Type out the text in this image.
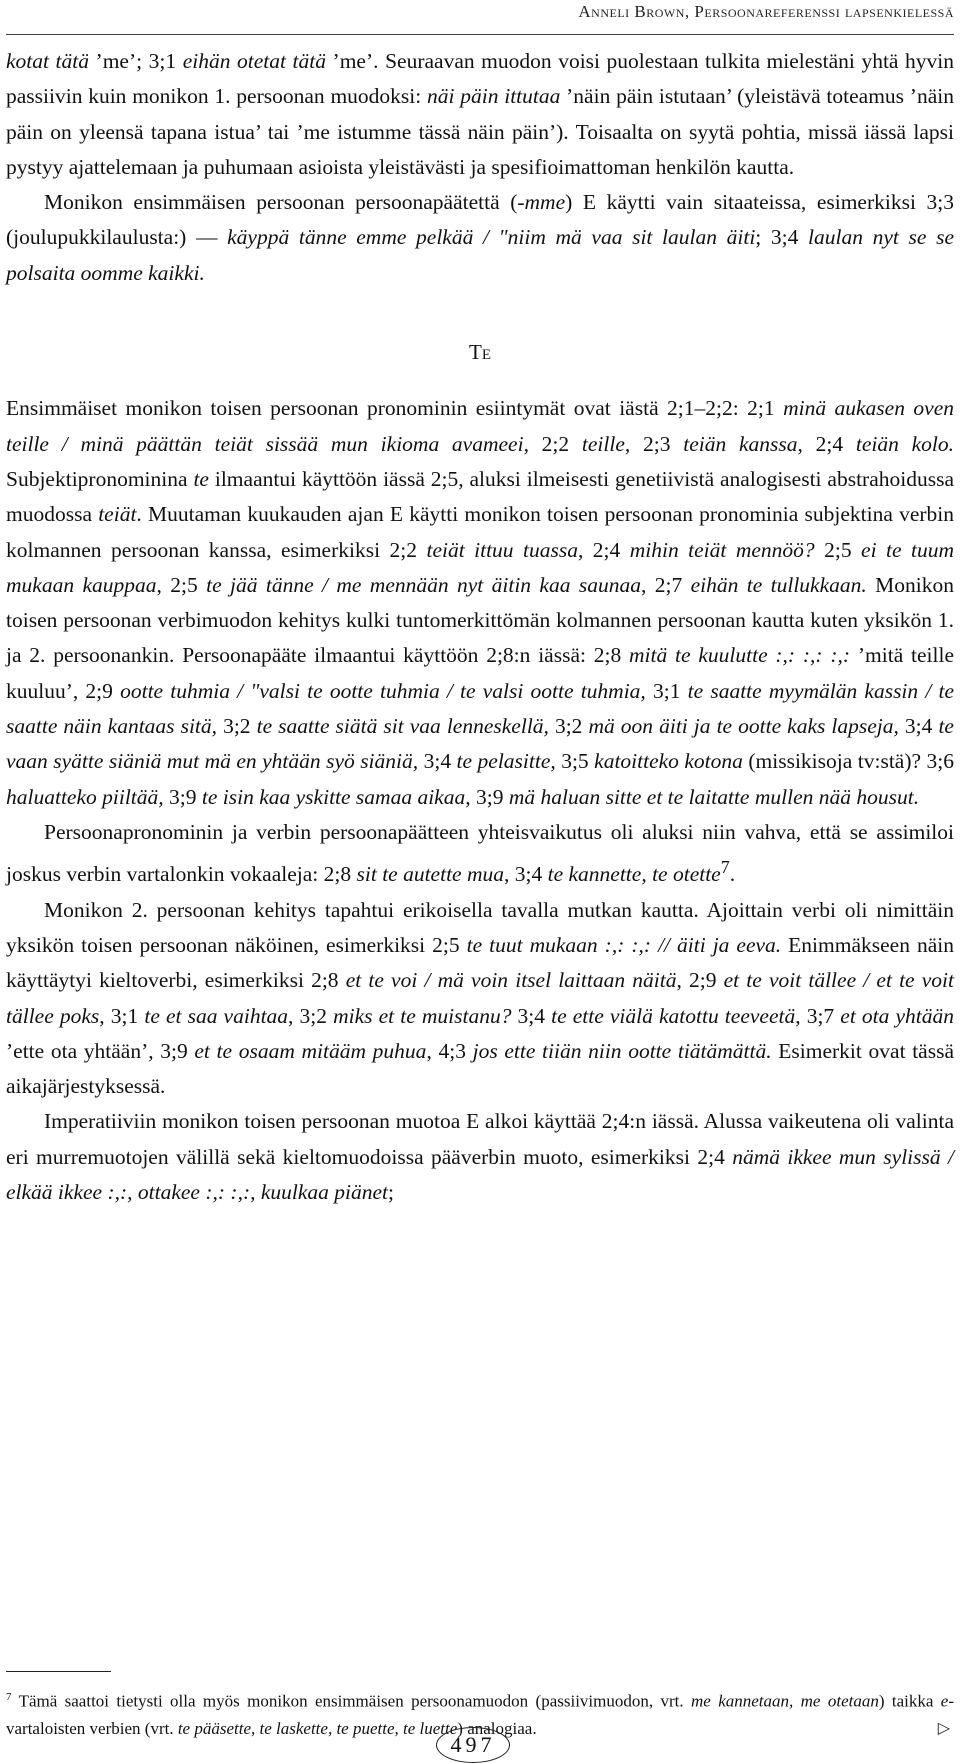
Anneli Brown, Persoonareferenssi lapsenkielessä

kotat tätä ’me’; 3;1 eihän otetat tätä ’me’. Seuraavan muodon voisi puolestaan tulkita mielestäni yhtä hyvin passiivin kuin monikon 1. persoonan muodoksi: näi päin ittutaa ’näin päin istutaan’ (yleistävä toteamus ’näin päin on yleensä tapana istua’ tai ’me istumme tässä näin päin’). Toisaalta on syytä pohtia, missä iässä lapsi pystyy ajattelemaan ja puhumaan asioista yleistävästi ja spesifioimattoman henkilön kautta.

Monikon ensimmäisen persoonan persoonapäätettä (-mme) E käytti vain sitaateissa, esimerkiksi 3;3 (joulupukkilaulusta:) — käyppä tänne emme pelkää / "niim mä vaa sit laulan äiti; 3;4 laulan nyt se se polsaita oomme kaikki.

Te

Ensimmäiset monikon toisen persoonan pronominin esiintymät ovat iästä 2;1–2;2: 2;1 minä aukasen oven teille / minä päättän teiät sissää mun ikioma avameei, 2;2 teille, 2;3 teiän kanssa, 2;4 teiän kolo. Subjektipronominina te ilmaantui käyttöön iässä 2;5, aluksi ilmeisesti genetiivistä analogisesti abstrahoidussa muodossa teiät. Muutaman kuukauden ajan E käytti monikon toisen persoonan pronominia subjektina verbin kolmannen persoonan kanssa, esimerkiksi 2;2 teiät ittuu tuassa, 2;4 mihin teiät mennöö? 2;5 ei te tuum mukaan kauppaa, 2;5 te jää tänne / me mennään nyt äitin kaa saunaa, 2;7 eihän te tullukkaan. Monikon toisen persoonan verbimuodon kehitys kulki tuntomerkittömän kolmannen persoonan kautta kuten yksikön 1. ja 2. persoonankin. Persoonapääte ilmaantui käyttöön 2;8:n iässä: 2;8 mitä te kuulutte :,: :,: :,: ’mitä teille kuuluu’, 2;9 ootte tuhmia / "valsi te ootte tuhmia / te valsi ootte tuhmia, 3;1 te saatte myymälän kassin / te saatte näin kantaas sitä, 3;2 te saatte siätä sit vaa lenneskellä, 3;2 mä oon äiti ja te ootte kaks lapseja, 3;4 te vaan syätte siäniä mut mä en yhtään syö siäniä, 3;4 te pelasitte, 3;5 katoitteko kotona (missikisoja tv:stä)? 3;6 haluatteko piiltää, 3;9 te isin kaa yskitte samaa aikaa, 3;9 mä haluan sitte et te laitatte mullen nää housut.

Persoonapronominin ja verbin persoonapäätteen yhteisvaikutus oli aluksi niin vahva, että se assimiloi joskus verbin vartalonkin vokaaleja: 2;8 sit te autette mua, 3;4 te kannette, te otette$^7$.

Monikon 2. persoonan kehitys tapahtui erikoisella tavalla mutkan kautta. Ajoittain verbi oli nimittäin yksikön toisen persoonan näköinen, esimerkiksi 2;5 te tuut mukaan :,: :,: // äiti ja eeva. Enimmäkseen näin käyttäytyi kieltoverbi, esimerkiksi 2;8 et te voi / mä voin itsel laittaan näitä, 2;9 et te voit tällee / et te voit tällee poks, 3;1 te et saa vaihtaa, 3;2 miks et te muistanu? 3;4 te ette viälä katottu teeveetä, 3;7 et ota yhtään ’ette ota yhtään’, 3;9 et te osaam mitääm puhua, 4;3 jos ette tiiän niin ootte tiätämättä. Esimerkit ovat tässä aikajärjestyksessä.

Imperatiiviin monikon toisen persoonan muotoa E alkoi käyttää 2;4:n iässä. Alussa vaikeutena oli valinta eri murremuotojen välillä sekä kieltomuodoissa pääverbin muoto, esimerkiksi 2;4 nämä ikkee mun sylissä / elkää ikkee :,:, ottakee :,: :,:, kuulkaa piänet;

$^7$ Tämä saattoi tietysti olla myös monikon ensimmäisen persoonamuodon (passiivimuodon, vrt. me kannetaan, me otetaan) taikka e-vartaloisten verbien (vrt. te pääsette, te laskette, te puette, te luette) analogiaa.	▷
497
